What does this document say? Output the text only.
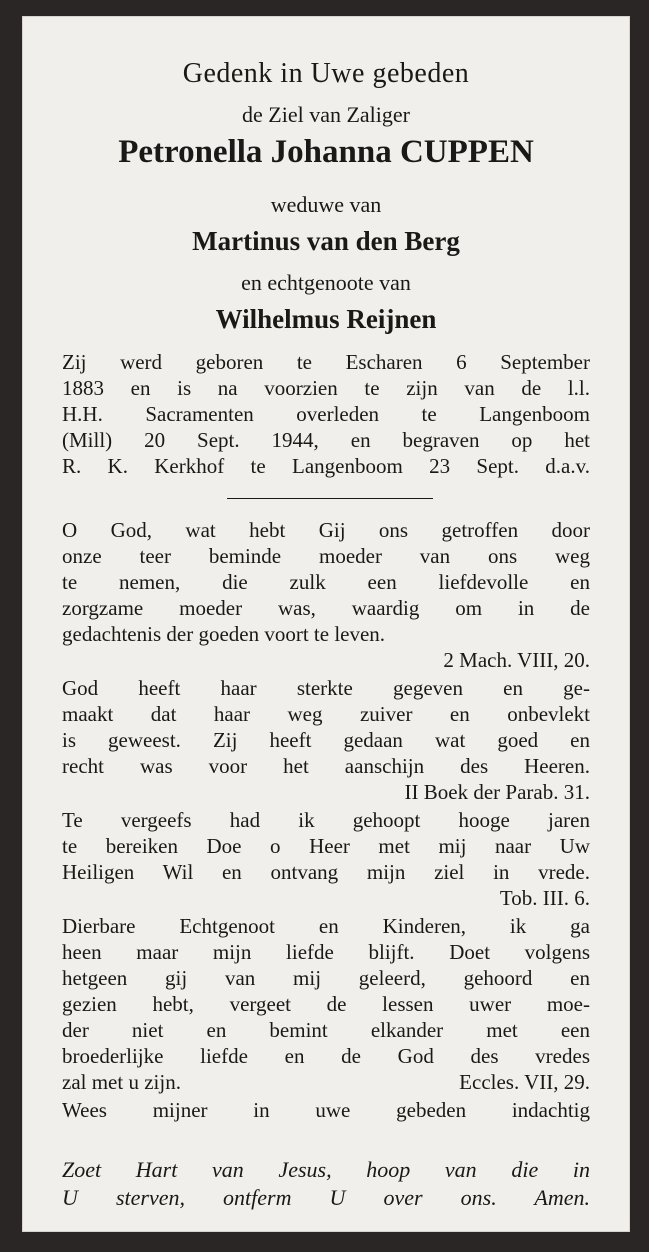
Gedenk in Uwe gebeden
de Ziel van Zaliger
Petronella Johanna CUPPEN
weduwe van
Martinus van den Berg
en echtgenoote van
Wilhelmus Reijnen
Zij werd geboren te Escharen 6 September
1883 en is na voorzien te zijn van de l.l.
H.H. Sacramenten overleden te Langenboom
(Mill) 20 Sept. 1944, en begraven op het
R. K. Kerkhof te Langenboom 23 Sept. d.a.v.
O God, wat hebt Gij ons getroffen door
onze teer beminde moeder van ons weg
te nemen, die zulk een liefdevolle en
zorgzame moeder was, waardig om in de
gedachtenis der goeden voort te leven.
2 Mach. VIII, 20.
God heeft haar sterkte gegeven en ge-
maakt dat haar weg zuiver en onbevlekt
is geweest. Zij heeft gedaan wat goed en
recht was voor het aanschijn des Heeren.
II Boek der Parab. 31.
Te vergeefs had ik gehoopt hooge jaren
te bereiken Doe o Heer met mij naar Uw
Heiligen Wil en ontvang mijn ziel in vrede.
Tob. III. 6.
Dierbare Echtgenoot en Kinderen, ik ga
heen maar mijn liefde blijft. Doet volgens
hetgeen gij van mij geleerd, gehoord en
gezien hebt, vergeet de lessen uwer moe-
der niet en bemint elkander met een
broederlijke liefde en de God des vredes
zal met u zijn.	Eccles. VII, 29.
Wees mijner in uwe gebeden indachtig
Zoet Hart van Jesus, hoop van die in
U sterven, ontferm U over ons. Amen.
